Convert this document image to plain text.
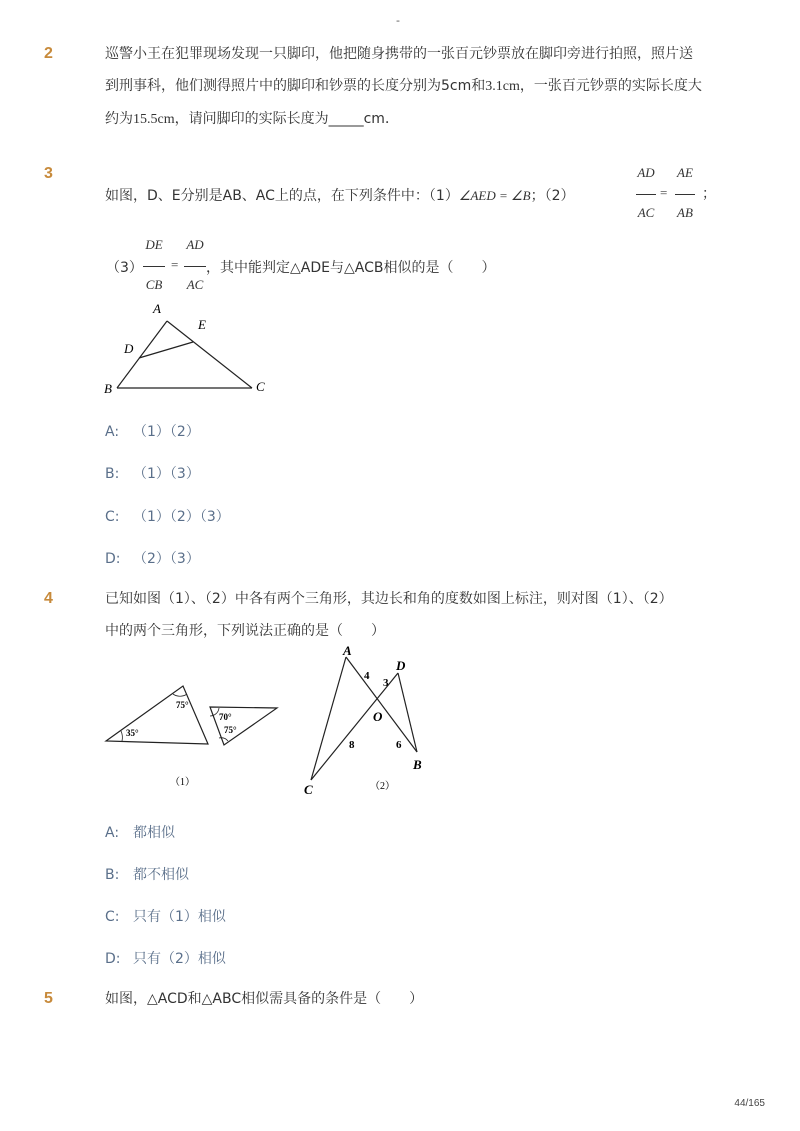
-
2	巡警小王在犯罪现场发现一只脚印，他把随身携带的一张百元钞票放在脚印旁进行拍照，照片送
到刑事科，他们测得照片中的脚印和钞票的长度分别为5cm和3.1cm，一张百元钞票的实际长度大
约为15.5cm，请问脚印的实际长度为_____cm．
3
如图，D、E分别是AB、AC上的点，在下列条件中：（1）∠AED = ∠B；（2）
AD
AC
=
AE
AB
；
（3）
DE
CB
=
AD
AC
，其中能判定△ADE与△ACB相似的是（　　）
A
E
D
B	C
A: （1）（2）
B: （1）（3）
C: （1）（2）（3）
D: （2）（3）
4	已知如图（1）、（2）中各有两个三角形，其边长和角的度数如图上标注，则对图（1）、（2）
中的两个三角形，下列说法正确的是（　　）
75°
35°
70°
75°
（1）
A
D
O
C
B
4
3
8	6
（2）
A: 都相似
B: 都不相似
C: 只有（1）相似
D: 只有（2）相似
5	如图，△ACD和△ABC相似需具备的条件是（　　）
44/165
